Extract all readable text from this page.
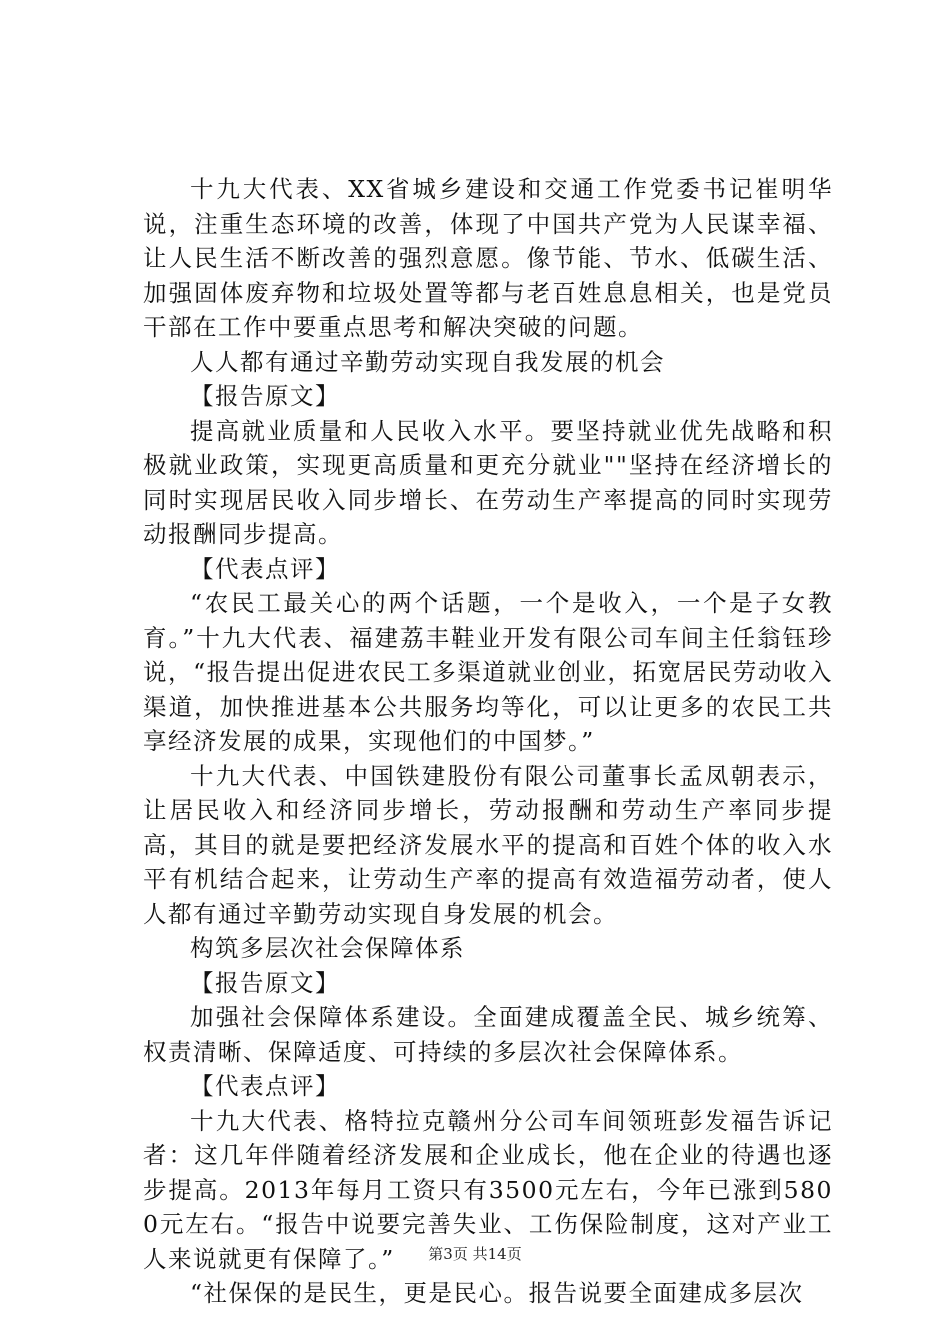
十九大代表、XX省城乡建设和交通工作党委书记崔明华说，注重生态环境的改善，体现了中国共产党为人民谋幸福、让人民生活不断改善的强烈意愿。像节能、节水、低碳生活、加强固体废弃物和垃圾处置等都与老百姓息息相关，也是党员干部在工作中要重点思考和解决突破的问题。

人人都有通过辛勤劳动实现自我发展的机会

【报告原文】

提高就业质量和人民收入水平。要坚持就业优先战略和积极就业政策，实现更高质量和更充分就业""坚持在经济增长的同时实现居民收入同步增长、在劳动生产率提高的同时实现劳动报酬同步提高。

【代表点评】

“农民工最关心的两个话题，一个是收入，一个是子女教育。”十九大代表、福建荔丰鞋业开发有限公司车间主任翁钰珍说，“报告提出促进农民工多渠道就业创业，拓宽居民劳动收入渠道，加快推进基本公共服务均等化，可以让更多的农民工共享经济发展的成果，实现他们的中国梦。”

十九大代表、中国铁建股份有限公司董事长孟凤朝表示，让居民收入和经济同步增长，劳动报酬和劳动生产率同步提高，其目的就是要把经济发展水平的提高和百姓个体的收入水平有机结合起来，让劳动生产率的提高有效造福劳动者，使人人都有通过辛勤劳动实现自身发展的机会。

构筑多层次社会保障体系

【报告原文】

加强社会保障体系建设。全面建成覆盖全民、城乡统筹、权责清晰、保障适度、可持续的多层次社会保障体系。

【代表点评】

十九大代表、格特拉克赣州分公司车间领班彭发福告诉记者：这几年伴随着经济发展和企业成长，他在企业的待遇也逐步提高。2013年每月工资只有3500元左右，今年已涨到5800元左右。“报告中说要完善失业、工伤保险制度，这对产业工人来说就更有保障了。”

“社保保的是民生，更是民心。报告说要全面建成多层次

第3页 共14页
